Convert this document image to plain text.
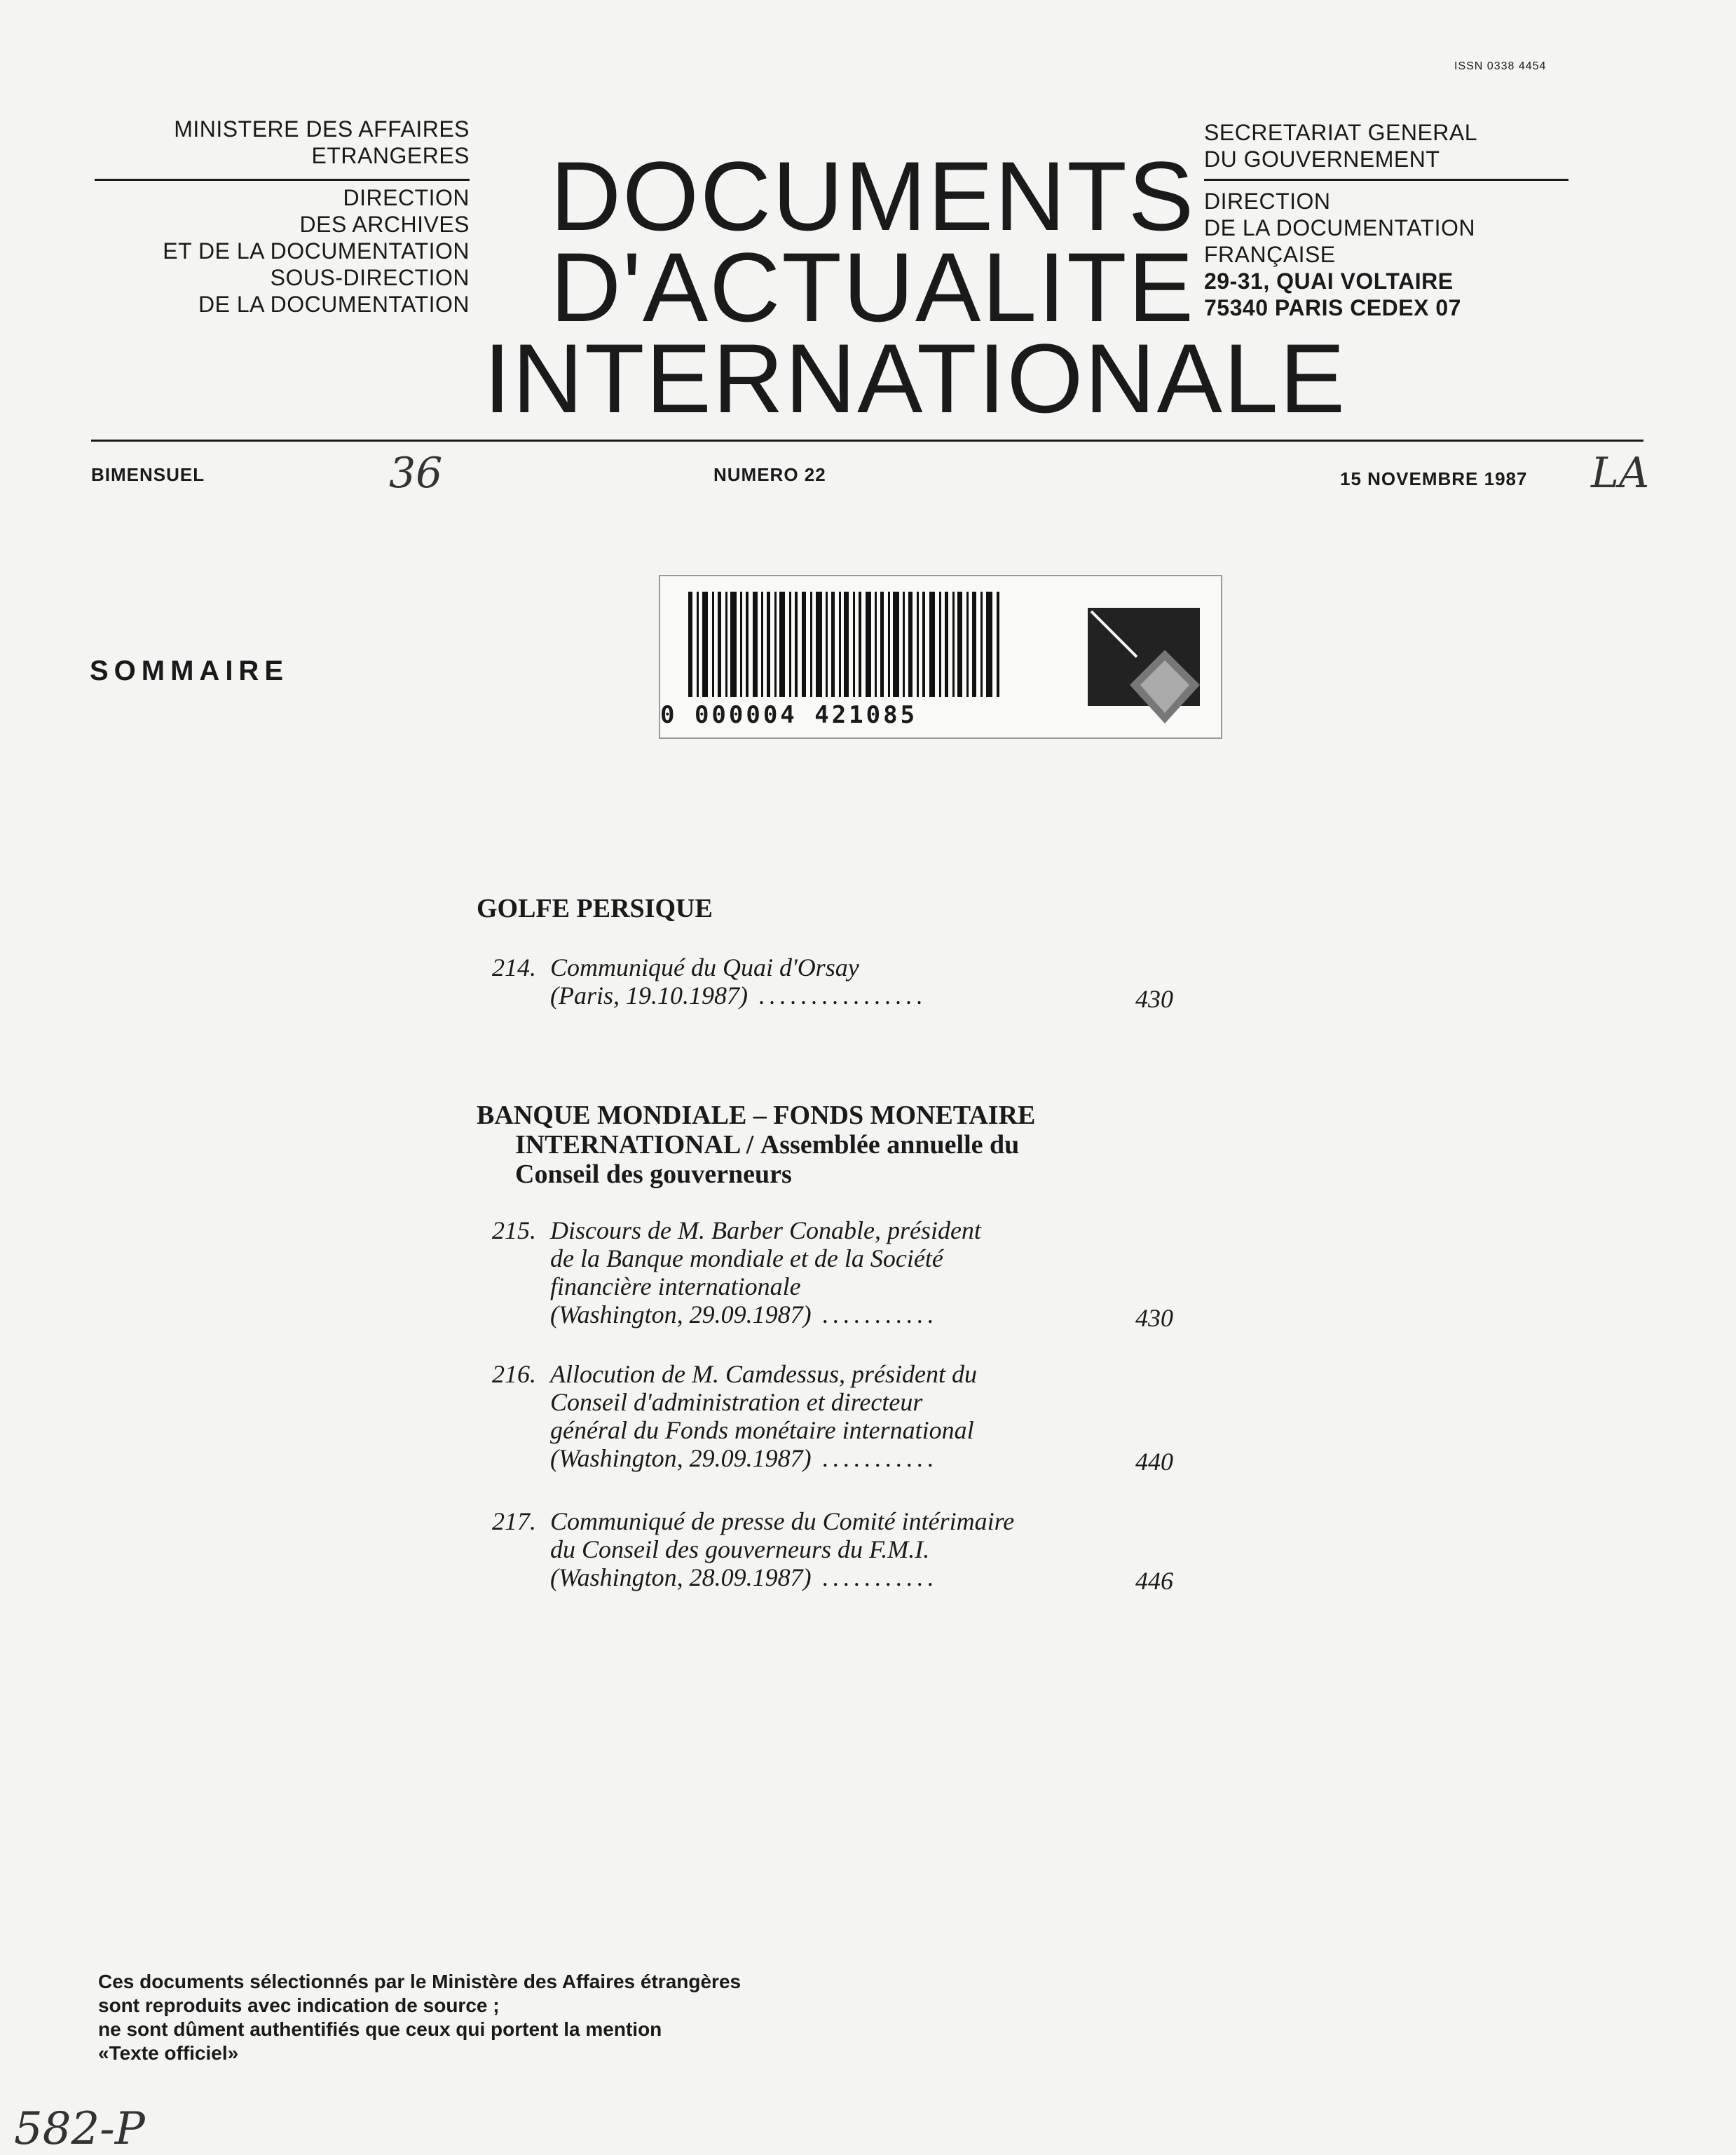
ISSN 0338 4454
MINISTERE DES AFFAIRES
ETRANGERES
DIRECTION
DES ARCHIVES
ET DE LA DOCUMENTATION
SOUS-DIRECTION
DE LA DOCUMENTATION
SECRETARIAT GENERAL
DU GOUVERNEMENT
DIRECTION
DE LA DOCUMENTATION
FRANÇAISE
29-31, QUAI VOLTAIRE
75340 PARIS CEDEX 07
DOCUMENTS
D'ACTUALITE
INTERNATIONALE
BIMENSUEL	36	NUMERO 22	15 NOVEMBRE 1987 LA
SOMMAIRE
0 000004 421085
GOLFE PERSIQUE
214. Communiqué du Quai d'Orsay
(Paris, 19.10.1987) ................	430
BANQUE MONDIALE – FONDS MONETAIRE
INTERNATIONAL / Assemblée annuelle du
Conseil des gouverneurs
215. Discours de M. Barber Conable, président
de la Banque mondiale et de la Société
financière internationale
(Washington, 29.09.1987) ...........	430
216. Allocution de M. Camdessus, président du
Conseil d'administration et directeur
général du Fonds monétaire international
(Washington, 29.09.1987) ...........	440
217. Communiqué de presse du Comité intérimaire
du Conseil des gouverneurs du F.M.I.
(Washington, 28.09.1987) ...........	446
Ces documents sélectionnés par le Ministère des Affaires étrangères
sont reproduits avec indication de source ;
ne sont dûment authentifiés que ceux qui portent la mention
«Texte officiel»
582-P
